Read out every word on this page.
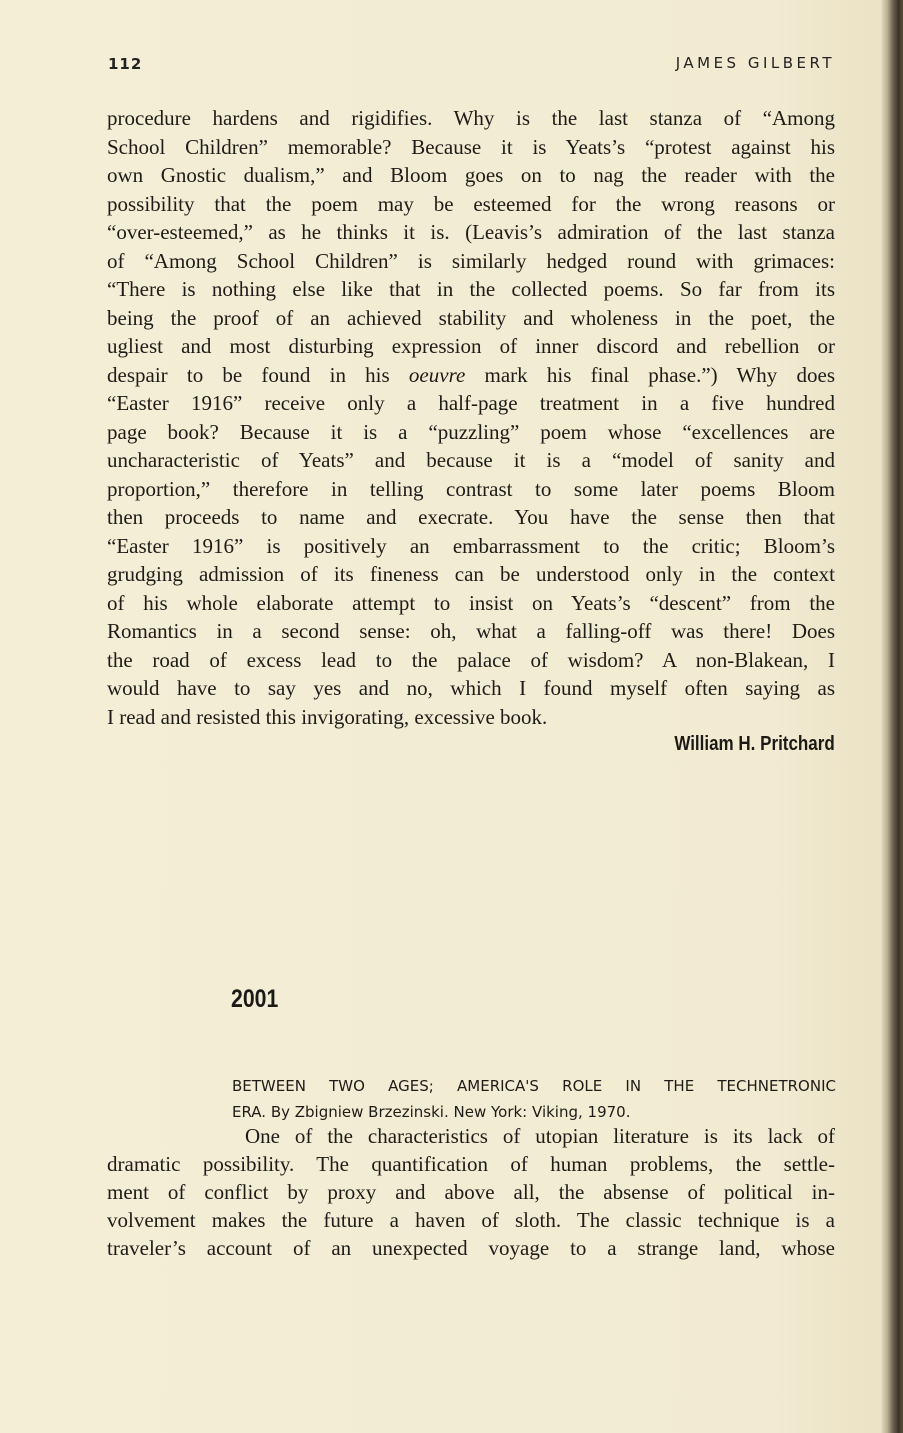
112	JAMES GILBERT
procedure hardens and rigidifies. Why is the last stanza of “Among
School Children” memorable? Because it is Yeats’s “protest against his
own Gnostic dualism,” and Bloom goes on to nag the reader with the
possibility that the poem may be esteemed for the wrong reasons or
“over-esteemed,” as he thinks it is. (Leavis’s admiration of the last stanza
of “Among School Children” is similarly hedged round with grimaces:
“There is nothing else like that in the collected poems. So far from its
being the proof of an achieved stability and wholeness in the poet, the
ugliest and most disturbing expression of inner discord and rebellion or
despair to be found in his oeuvre mark his final phase.”) Why does
“Easter 1916” receive only a half-page treatment in a five hundred
page book? Because it is a “puzzling” poem whose “excellences are
uncharacteristic of Yeats” and because it is a “model of sanity and
proportion,” therefore in telling contrast to some later poems Bloom
then proceeds to name and execrate. You have the sense then that
“Easter 1916” is positively an embarrassment to the critic; Bloom’s
grudging admission of its fineness can be understood only in the context
of his whole elaborate attempt to insist on Yeats’s “descent” from the
Romantics in a second sense: oh, what a falling-off was there! Does
the road of excess lead to the palace of wisdom? A non-Blakean, I
would have to say yes and no, which I found myself often saying as
I read and resisted this invigorating, excessive book.
William H. Pritchard
2001
BETWEEN TWO AGES; AMERICA'S ROLE IN THE TECHNETRONIC
ERA. By Zbigniew Brzezinski. New York: Viking, 1970.
One of the characteristics of utopian literature is its lack of
dramatic possibility. The quantification of human problems, the settle-
ment of conflict by proxy and above all, the absense of political in-
volvement makes the future a haven of sloth. The classic technique is a
traveler’s account of an unexpected voyage to a strange land, whose
